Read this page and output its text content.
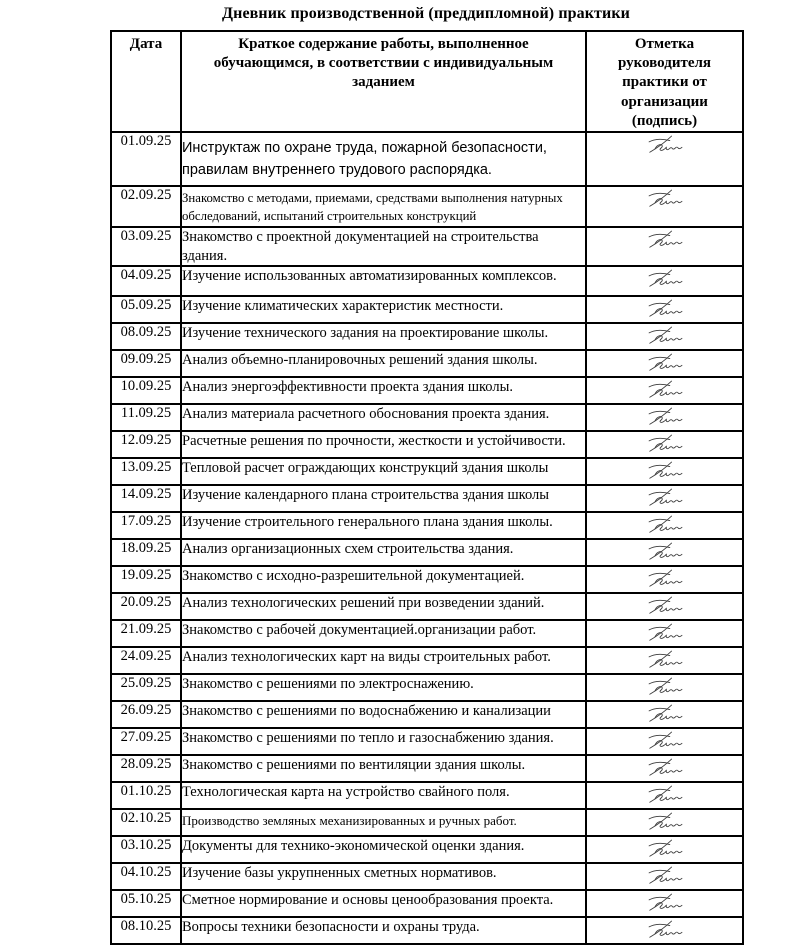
Дневник производственной (преддипломной) практики
Дата	Краткое содержание работы, выполненное обучающимся, в соответствии с индивидуальным заданием	Отметка руководителя практики от организации (подпись)

01.09.25	Инструктаж по охране труда, пожарной безопасности, правилам внутреннего трудового распорядка.	
02.09.25	Знакомство с методами, приемами, средствами выполнения натурных обследований, испытаний строительных конструкций	
03.09.25	Знакомство с проектной документацией на строительства здания.	
04.09.25	Изучение использованных автоматизированных комплексов.	
05.09.25	Изучение климатических характеристик местности.	
08.09.25	Изучение технического задания на проектирование школы.	
09.09.25	Анализ объемно-планировочных решений здания школы.	
10.09.25	Анализ энергоэффективности проекта здания школы.	
11.09.25	Анализ материала расчетного обоснования проекта здания.	
12.09.25	Расчетные решения по прочности, жесткости и устойчивости.	
13.09.25	Тепловой расчет ограждающих конструкций здания школы	
14.09.25	Изучение календарного плана строительства здания школы	
17.09.25	Изучение строительного генерального плана здания школы.	
18.09.25	Анализ организационных схем строительства здания.	
19.09.25	Знакомство с исходно-разрешительной документацией.	
20.09.25	Анализ технологических решений при возведении зданий.	
21.09.25	Знакомство с рабочей документацией.организации работ.	
24.09.25	Анализ технологических карт на виды строительных работ.	
25.09.25	Знакомство с решениями по электроснажению.	
26.09.25	Знакомство с решениями по водоснабжению и канализации	
27.09.25	Знакомство с решениями по тепло и газоснабжению здания.	
28.09.25	Знакомство с решениями по вентиляции здания школы.	
01.10.25	Технологическая карта на устройство свайного поля.	
02.10.25	Производство земляных механизированных и ручных работ.	
03.10.25	Документы для технико-экономической оценки здания.	
04.10.25	Изучение базы укрупненных сметных нормативов.	
05.10.25	Сметное нормирование и основы ценообразования проекта.	
08.10.25	Вопросы техники безопасности и охраны труда.	
